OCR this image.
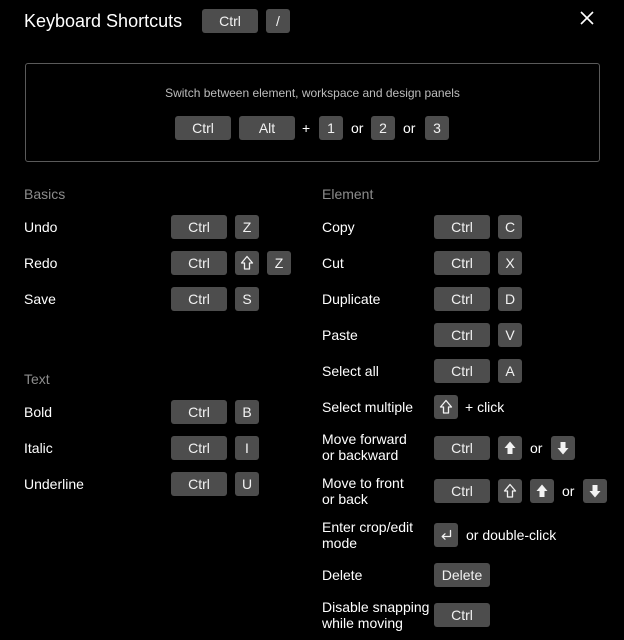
Keyboard Shortcuts	Ctrl	/
Switch between element, workspace and design panels
Ctrl	Alt	+	1	or	2	or	3
Basics
Undo	Ctrl	Z
Redo	Ctrl	Z
Save	Ctrl	S
Text
Bold	Ctrl	B
Italic	Ctrl	I
Underline	Ctrl	U
Element
Copy	Ctrl	C
Cut	Ctrl	X
Duplicate	Ctrl	D
Paste	Ctrl	V
Select all	Ctrl	A
Select multiple	+ click
Move forward
or backward	Ctrl	or
Move to front
or back	Ctrl	or
Enter crop/edit
mode	or double-click
Delete	Delete
Disable snapping
while moving	Ctrl
